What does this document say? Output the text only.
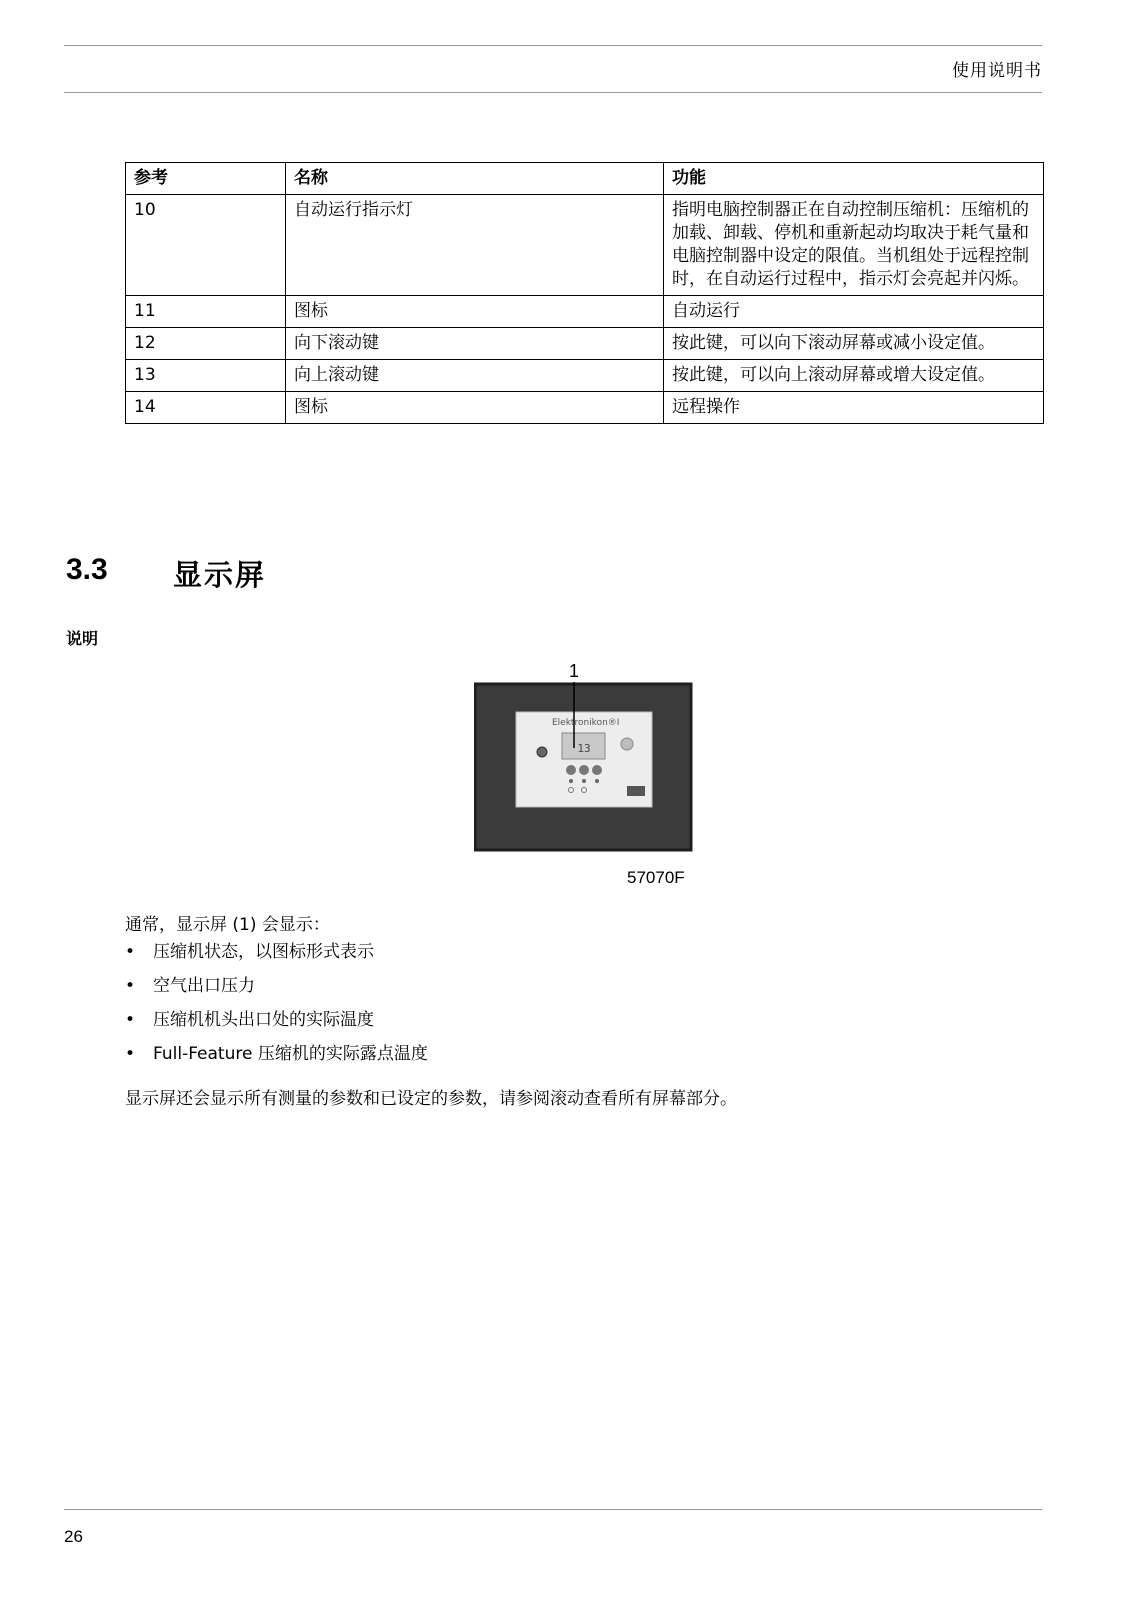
使用说明书
参考	名称	功能
10	自动运行指示灯	指明电脑控制器正在自动控制压缩机：压缩机的加载、卸载、停机和重新起动均取决于耗气量和电脑控制器中设定的限值。当机组处于远程控制时，在自动运行过程中，指示灯会亮起并闪烁。
11	图标	自动运行
12	向下滚动键	按此键，可以向下滚动屏幕或减小设定值。
13	向上滚动键	按此键，可以向上滚动屏幕或增大设定值。
14	图标	远程操作
3.3 显示屏
说明
1
Elektronikon®I
13
57070F
通常，显示屏 (1) 会显示：
• 压缩机状态，以图标形式表示
• 空气出口压力
• 压缩机机头出口处的实际温度
• Full-Feature 压缩机的实际露点温度
显示屏还会显示所有测量的参数和已设定的参数，请参阅滚动查看所有屏幕部分。
26
